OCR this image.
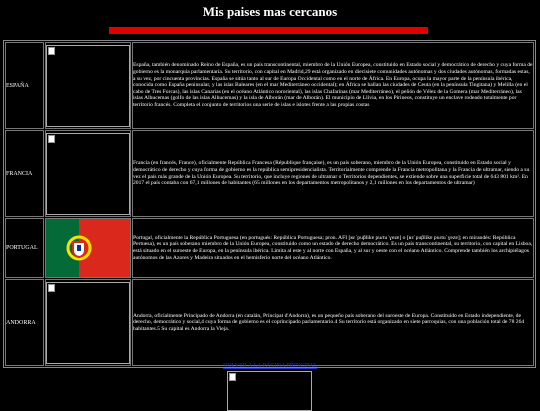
Mis paises mas cercanos
ESPAÑA		España, también denominado Reino de España, es un país transcontinental, miembro de la Unión Europea, constituido en Estado social y democrático de derecho y cuya forma de gobierno es la monarquía parlamentaria. Su territorio, con capital en Madrid,29 está organizado en diecisiete comunidades autónomas y dos ciudades autónomas, formadas estas, a su vez, por cincuenta provincias. España se sitúa tanto al sur de Europa Occidental como en el norte de África. En Europa, ocupa la mayor parte de la península ibérica, conocida como España peninsular, y las islas Baleares (en el mar Mediterráneo occidental); en África se hallan las ciudades de Ceuta (en la península Tingitana) y Melilla (en el cabo de Tres Forcas), las islas Canarias (en el océano Atlántico nororiental), las islas Chafarinas (mar Mediterráneo), el peñón de Vélez de la Gomera (mar Mediterráneo), las islas Alhucemas (golfo de las islas Alhucemas) y la isla de Alborán (mar de Alborán). El municipio de Llívia, en los Pirineos, constituye un enclave rodeado totalmente por territorio francés. Completa el conjunto de territorios una serie de islas e islotes frente a las propias costas
FRANCIA		Francia (en francés, France), oficialmente República Francesa (République française), es un país soberano, miembro de la Unión Europea, constituido en Estado social y democrático de derecho y cuya forma de gobierno es la república semipresidencialista. Territorialmente comprende la Francia metropolitana y la Francia de ultramar, siendo a su vez el país más grande de la Unión Europea. Su territorio, que incluye regiones de ultramar o Territorios dependientes, se extiende sobre una superficie total de 643 801 km². En 2017 el país contaba con 67,1 millones de habitantes (65 millones en los departamentos metropolitanos y 2,1 millones en los departamentos de ultramar)
PORTUGAL		Portugal, oficialmente la República Portuguesa (en portugués: República Portuguesa; pron. AFI [ʁɛˈpuβlikɐ puɾtuˈɣezɐ] o [ʁɛˈpuβlikɐ puɾtuˈɣezɐ]; en mirandés: República Pertuesa), es un país soberano miembro de la Unión Europea, constituido como un estado de derecho democrático. Es un país transcontinental, su territorio, con capital en Lisboa, está situado en el suroeste de Europa, en la península ibérica. Limita al este y al norte con España, y al sur y oeste con el océano Atlántico. Comprende también los archipiélagos autónomos de las Azores y Madeira situados en el hemisferio norte del océano Atlántico.
ANDORRA		Andorra, oficialmente Principado de Andorra (en catalán, Principat d'Andorra), es un pequeño país soberano del suroeste de Europa. Constituido en Estado independiente, de derecho, democrático y social,4 cuya forma de gobierno es el coprincipado parlamentario.4 Su territorio está organizado en siete parroquias, con una población total de 78 264 habitantes.5 Su capital es Andorra la Vieja.
VOLVER A LA PÁGINA PRINCIPAL
